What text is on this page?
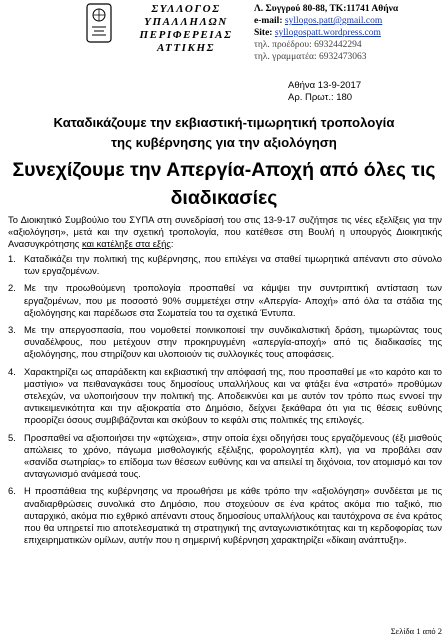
ΣΥΛΛΟΓΟΣ
ΥΠΑΛΛΗΛΩΝ
ΠΕΡΙΦΕΡΕΙΑΣ
ΑΤΤΙΚΗΣ
Λ. Συγγρού 80-88, ΤΚ:11741 Αθήνα
e-mail: syllogos.patt@gmail.com
Site: syllogospatt.wordpress.com
τηλ. προέδρου: 6932442294
τηλ. γραμματέα: 6932473063
Αθήνα 13-9-2017
Αρ. Πρωτ.: 180
Καταδικάζουμε την εκβιαστική-τιμωρητική τροπολογία
της κυβέρνησης για την αξιολόγηση
Συνεχίζουμε την Απεργία-Αποχή από όλες τις
διαδικασίες
Το Διοικητικό Συμβούλιο του ΣΥΠΑ στη συνεδρίασή του στις 13-9-17 συζήτησε τις νέες εξελίξεις για την «αξιολόγηση», μετά και την σχετική τροπολογία, που κατέθεσε στη Βουλή η υπουργός Διοικητικής Ανασυγκρότησης και κατέληξε στα εξής:
1. Καταδικάζει την πολιτική της κυβέρνησης, που επιλέγει να σταθεί τιμωρητικά απέναντι στο σύνολο των εργαζομένων.
2. Με την προωθούμενη τροπολογία προσπαθεί να κάμψει την συντριπτική αντίσταση των εργαζομένων, που με ποσοστό 90% συμμετέχει στην «Απεργία- Αποχή» από όλα τα στάδια της αξιολόγησης και παρέδωσε στα Σωματεία του τα σχετικά Έντυπα.
3. Με την απεργοσπασία, που νομοθετεί ποινικοποιεί την συνδικαλιστική δράση, τιμωρώντας τους συναδέλφους, που μετέχουν στην προκηρυγμένη «απεργία-αποχή» από τις διαδικασίες της αξιολόγησης, που στηρίζουν και υλοποιούν τις συλλογικές τους αποφάσεις.
4. Χαρακτηρίζει ως απαράδεκτη και εκβιαστική την απόφασή της, που προσπαθεί με «το καρότο και το μαστίγιο» να πειθαναγκάσει τους δημοσίους υπαλλήλους και να φτάξει ένα «στρατό» προθύμων στελεχών, να υλοποιήσουν την πολιτική της. Αποδεικνύει και με αυτόν τον τρόπο πως εννοεί την αντικειμενικότητα και την αξιοκρατία στο Δημόσιο, δείχνει ξεκάθαρα ότι για τις θέσεις ευθύνης προορίζει όσους συμβιβάζονται και σκύβουν το κεφάλι στις πολιτικές της επιλογές.
5. Προσπαθεί να αξιοποιήσει την «φτώχεια», στην οποία έχει οδηγήσει τους εργαζόμενους (έξι μισθούς απώλειες το χρόνο, πάγωμα μισθολογικής εξέλιξης, φορολογητέα κλπ), για να προβάλει σαν «σανίδα σωτηρίας» το επίδομα των θέσεων ευθύνης και να απειλεί τη διχόνοια, τον ατομισμό και τον ανταγωνισμό ανάμεσά τους.
6. Η προσπάθεια της κυβέρνησης να προωθήσει με κάθε τρόπο την «αξιολόγηση» συνδέεται με τις αναδιαρθρώσεις συνολικά στο Δημόσιο, που στοχεύουν σε ένα κράτος ακόμα πιο ταξικό, πιο αυταρχικό, ακόμα πιο εχθρικό απέναντι στους δημοσίους υπαλλήλους και ταυτόχρονα σε ένα κράτος που θα υπηρετεί πιο αποτελεσματικά τη στρατηγική της ανταγωνιστικότητας και τη κερδοφορίας των επιχειρηματικών ομίλων, αυτήν που η σημερινή κυβέρνηση χαρακτηρίζει «δίκαιη ανάπτυξη».
Σελίδα 1 από 2
